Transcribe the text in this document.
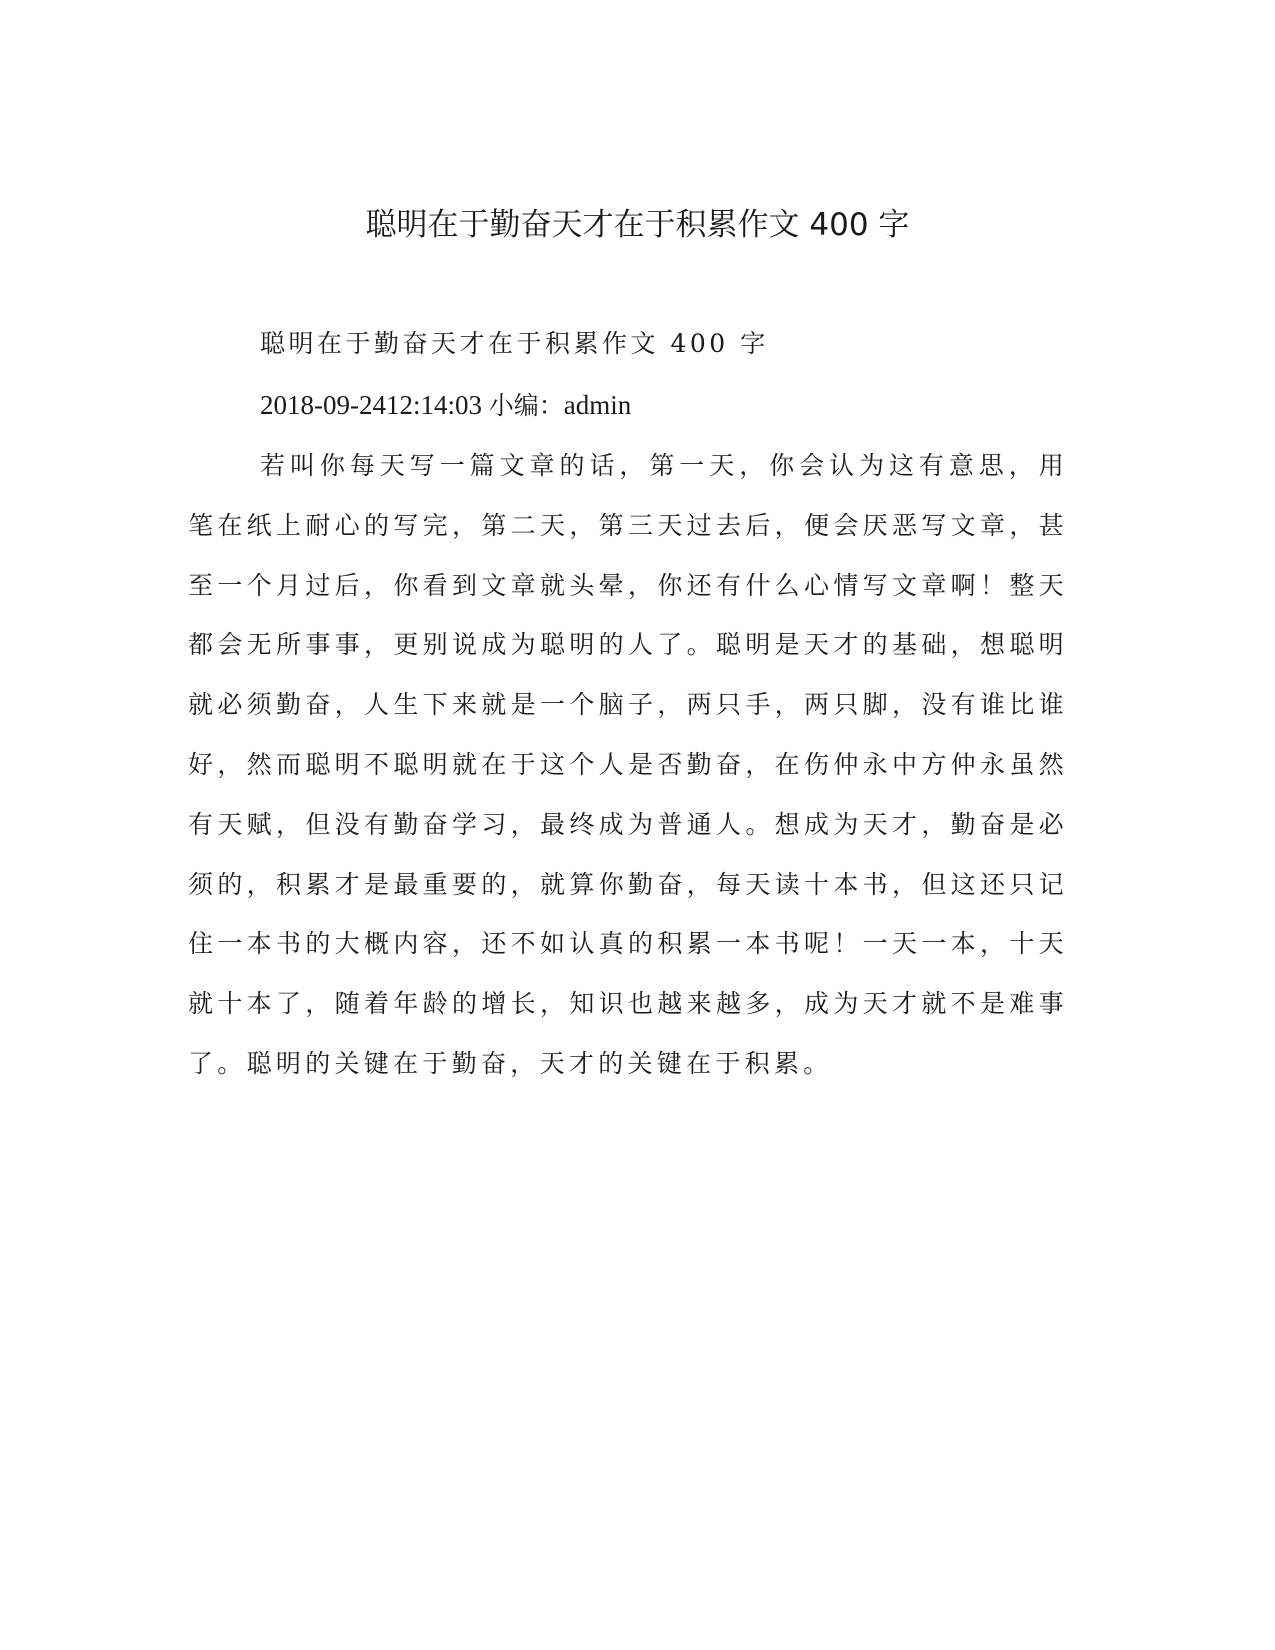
聪明在于勤奋天才在于积累作文 400 字
聪明在于勤奋天才在于积累作文 400 字
2018-09-2412:14:03 小编：admin

若叫你每天写一篇文章的话，第一天，你会认为这有意思，用笔在纸上耐心的写完，第二天，第三天过去后，便会厌恶写文章，甚至一个月过后，你看到文章就头晕，你还有什么心情写文章啊！整天都会无所事事，更别说成为聪明的人了。聪明是天才的基础，想聪明就必须勤奋，人生下来就是一个脑子，两只手，两只脚，没有谁比谁好，然而聪明不聪明就在于这个人是否勤奋，在伤仲永中方仲永虽然有天赋，但没有勤奋学习，最终成为普通人。想成为天才，勤奋是必须的，积累才是最重要的，就算你勤奋，每天读十本书，但这还只记住一本书的大概内容，还不如认真的积累一本书呢！一天一本，十天就十本了，随着年龄的增长，知识也越来越多，成为天才就不是难事了。聪明的关键在于勤奋，天才的关键在于积累。
